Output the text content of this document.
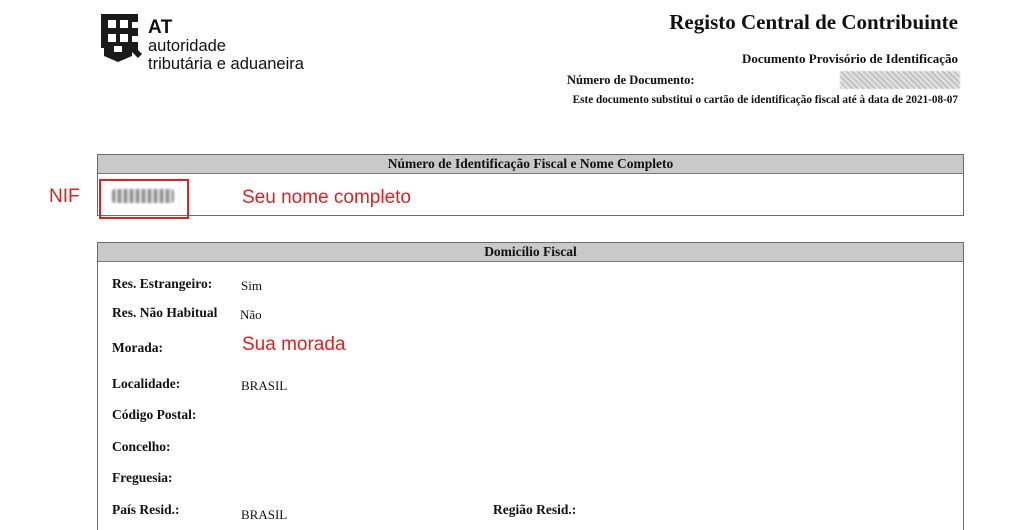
AT
autoridade
tributária e aduaneira
Registo Central de Contribuinte
Documento Provisório de Identificação
Número de Documento:
Este documento substitui o cartão de identificação fiscal até à data de 2021-08-07
Número de Identificação Fiscal e Nome Completo
NIF	Seu nome completo
Domicílio Fiscal
Res. Estrangeiro: Sim
Res. Não Habitual Não
Morada:	Sua morada
Localidade:	BRASIL
Código Postal:
Concelho:
Freguesia:
País Resid.:	BRASIL	Região Resid.:
